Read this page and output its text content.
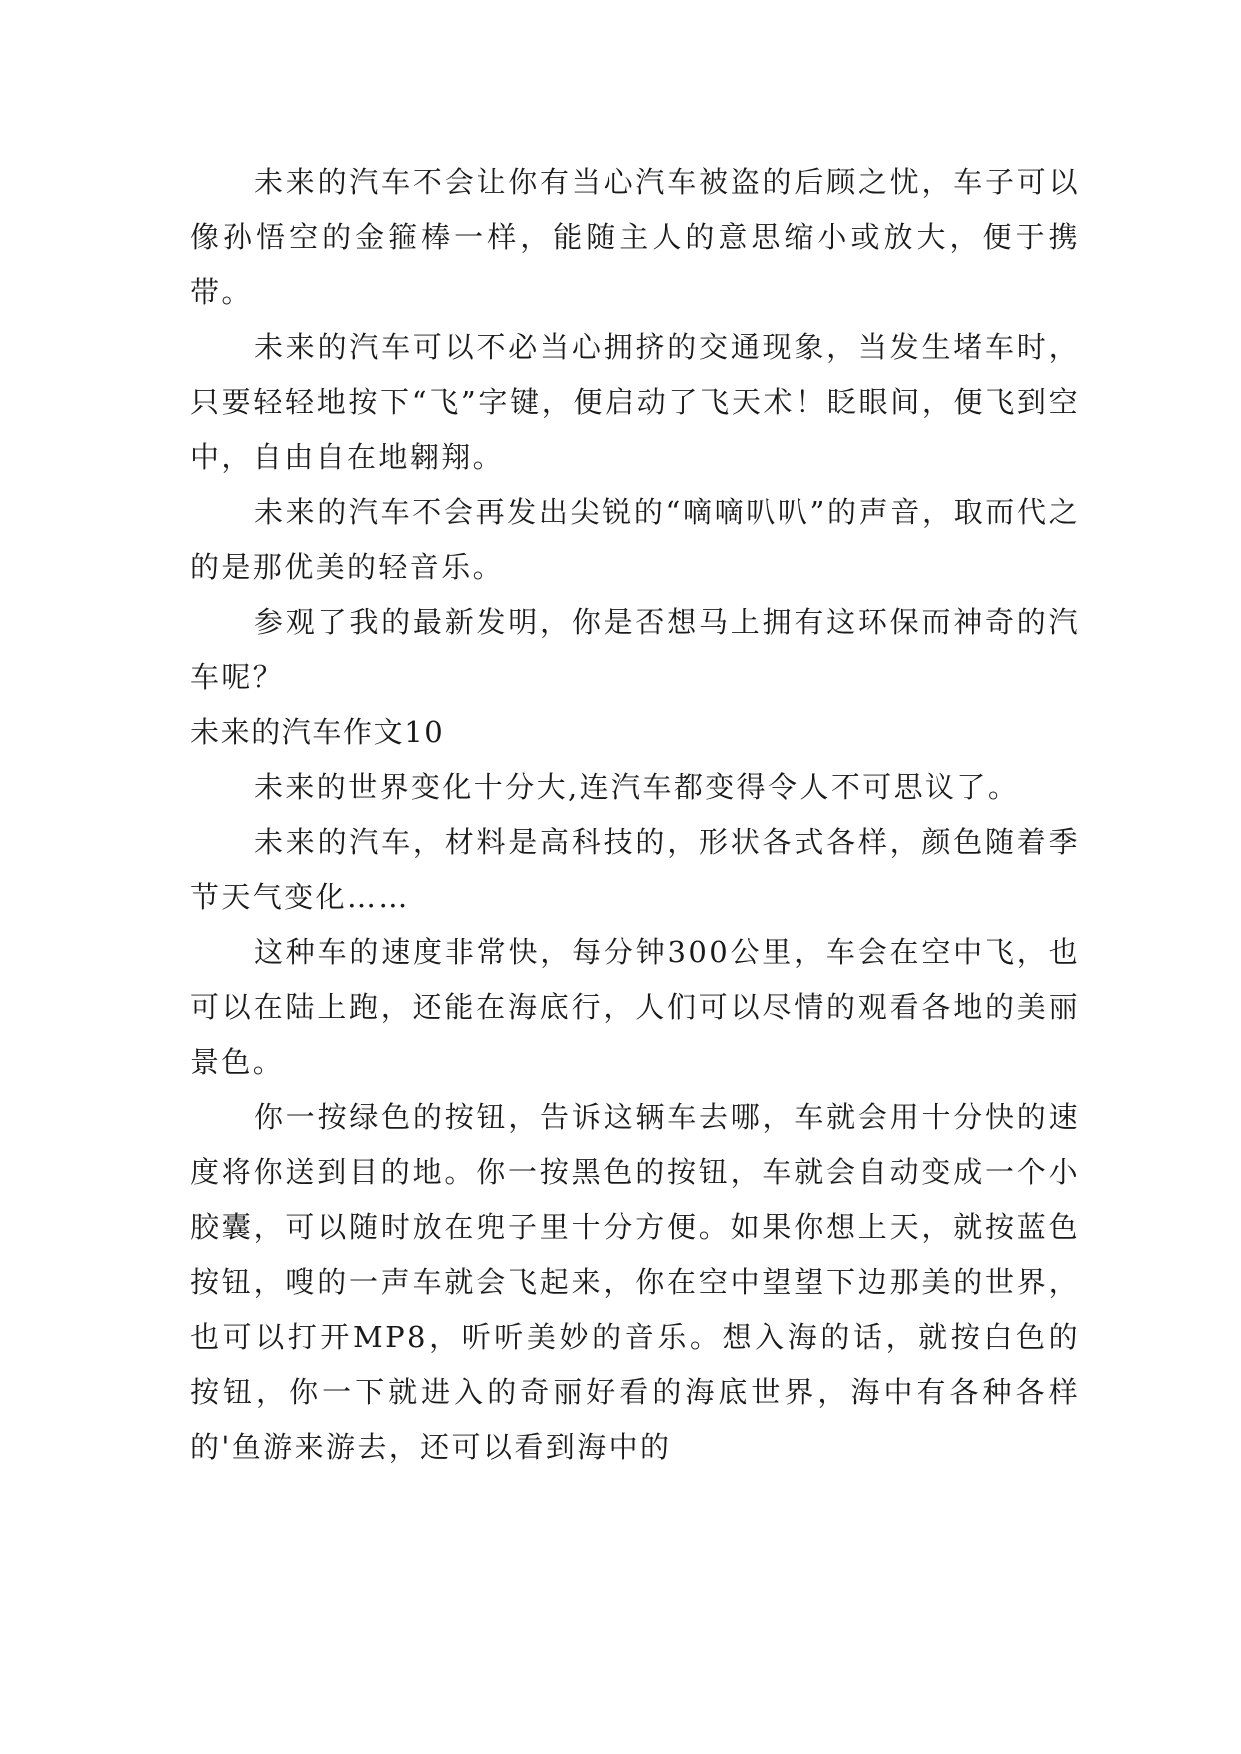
未来的汽车不会让你有当心汽车被盗的后顾之忧，车子可以像孙悟空的金箍棒一样，能随主人的意思缩小或放大，便于携带。

未来的汽车可以不必当心拥挤的交通现象，当发生堵车时，只要轻轻地按下“飞”字键，便启动了飞天术！眨眼间，便飞到空中，自由自在地翱翔。

未来的汽车不会再发出尖锐的“嘀嘀叭叭”的声音，取而代之的是那优美的轻音乐。

参观了我的最新发明，你是否想马上拥有这环保而神奇的汽车呢？

未来的汽车作文10

未来的世界变化十分大,连汽车都变得令人不可思议了。

未来的汽车，材料是高科技的，形状各式各样，颜色随着季节天气变化……

这种车的速度非常快，每分钟300公里，车会在空中飞，也可以在陆上跑，还能在海底行，人们可以尽情的观看各地的美丽景色。

你一按绿色的按钮，告诉这辆车去哪，车就会用十分快的速度将你送到目的地。你一按黑色的按钮，车就会自动变成一个小胶囊，可以随时放在兜子里十分方便。如果你想上天，就按蓝色按钮，嗖的一声车就会飞起来，你在空中望望下边那美的世界，也可以打开MP8，听听美妙的音乐。想入海的话，就按白色的按钮，你一下就进入的奇丽好看的海底世界，海中有各种各样的'鱼游来游去，还可以看到海中的
